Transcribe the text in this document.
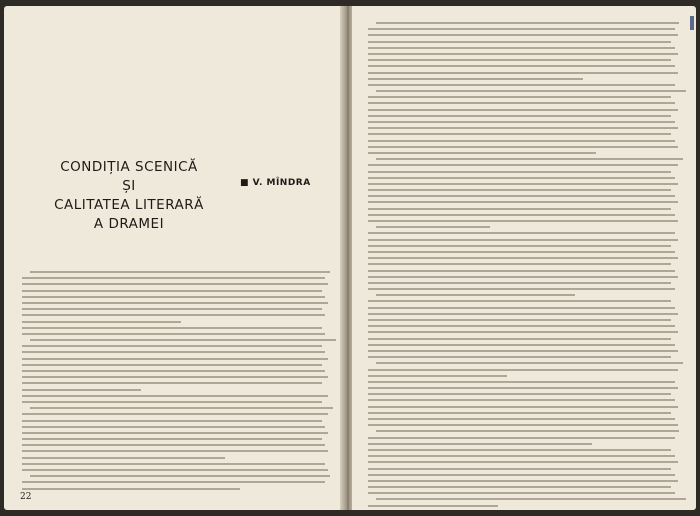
CONDIȚIA SCENICĂ
ȘI
CALITATEA LITERARĂ
A DRAMEI
■ V. MÎNDRA
22
